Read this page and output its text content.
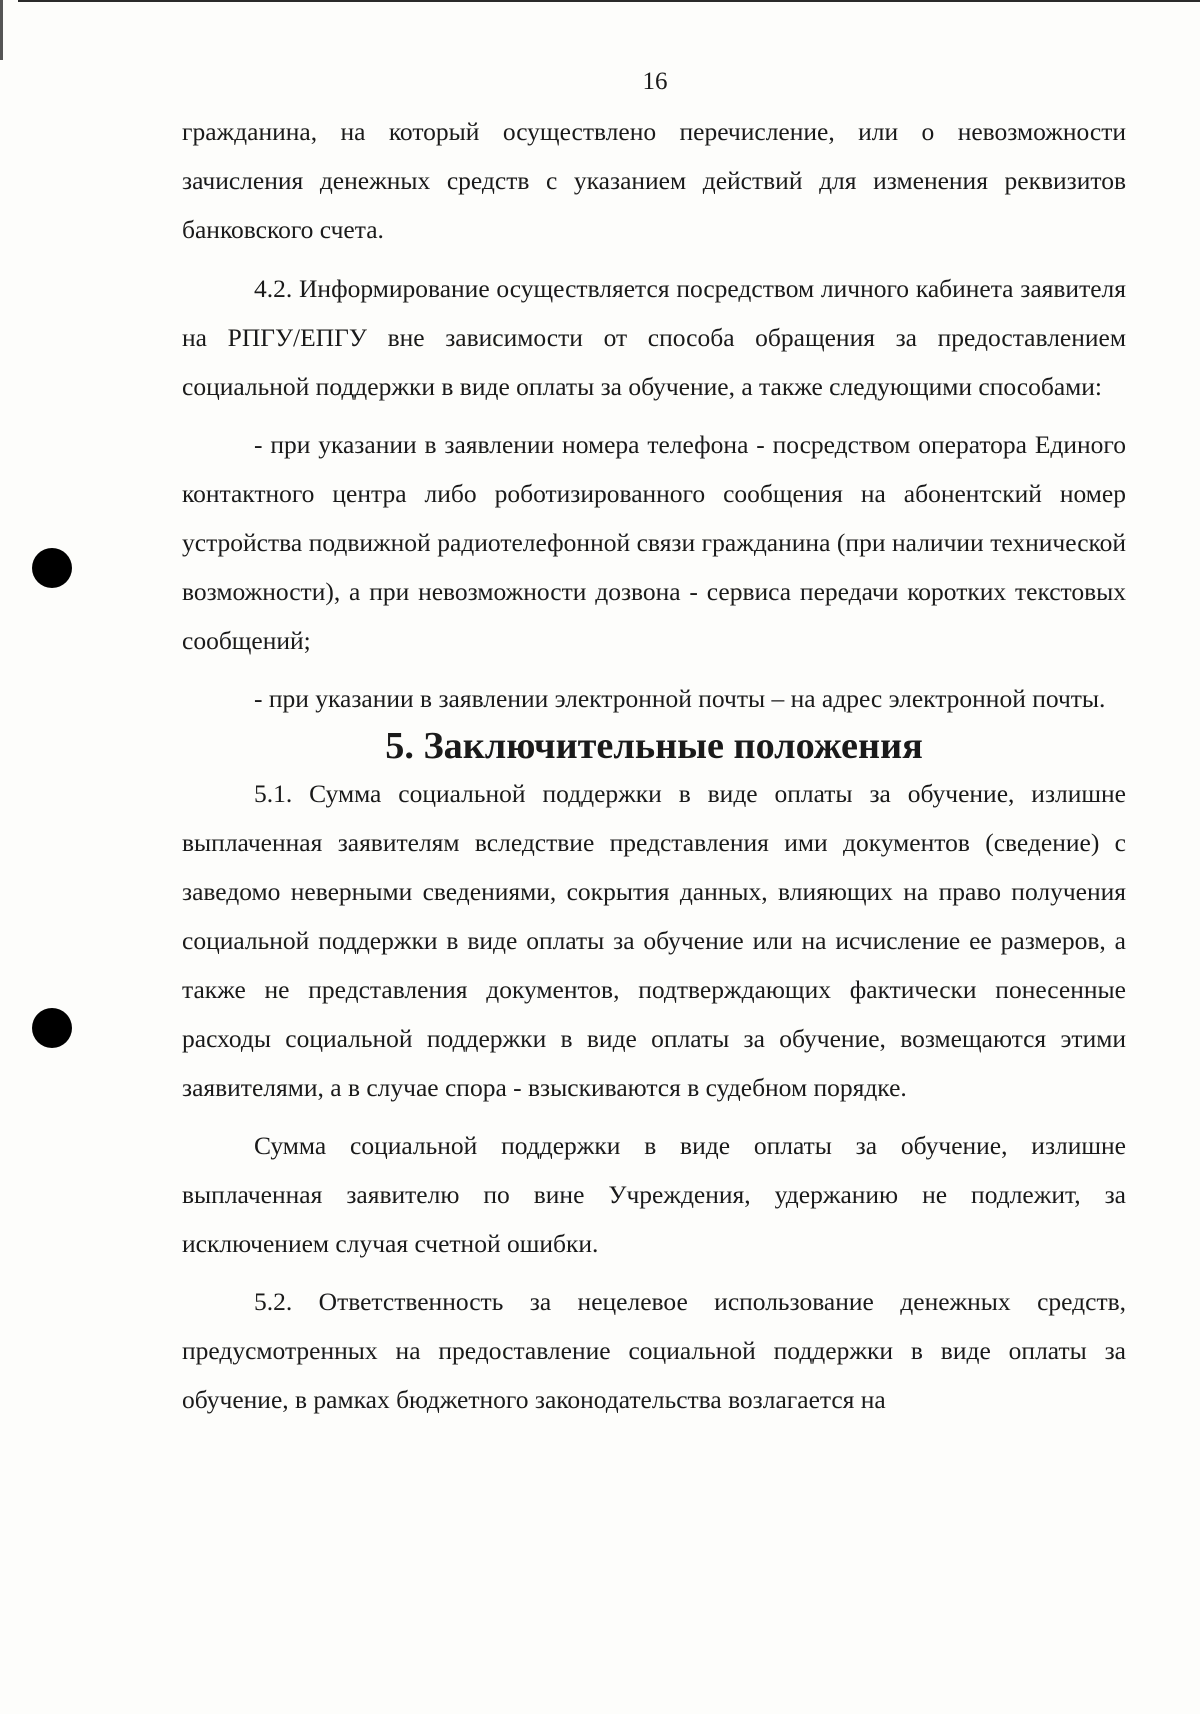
16

гражданина, на который осуществлено перечисление, или о невозможности зачисления денежных средств с указанием действий для изменения реквизитов банковского счета.

4.2. Информирование осуществляется посредством личного кабинета заявителя на РПГУ/ЕПГУ вне зависимости от способа обращения за предоставлением социальной поддержки в виде оплаты за обучение, а также следующими способами:

- при указании в заявлении номера телефона - посредством оператора Единого контактного центра либо роботизированного сообщения на абонентский номер устройства подвижной радиотелефонной связи гражданина (при наличии технической возможности), а при невозможности дозвона - сервиса передачи коротких текстовых сообщений;

- при указании в заявлении электронной почты – на адрес электронной почты.

5. Заключительные положения

5.1. Сумма социальной поддержки в виде оплаты за обучение, излишне выплаченная заявителям вследствие представления ими документов (сведение) с заведомо неверными сведениями, сокрытия данных, влияющих на право получения социальной поддержки в виде оплаты за обучение или на исчисление ее размеров, а также не представления документов, подтверждающих фактически понесенные расходы социальной поддержки в виде оплаты за обучение, возмещаются этими заявителями, а в случае спора - взыскиваются в судебном порядке.

Сумма социальной поддержки в виде оплаты за обучение, излишне выплаченная заявителю по вине Учреждения, удержанию не подлежит, за исключением случая счетной ошибки.

5.2. Ответственность за нецелевое использование денежных средств, предусмотренных на предоставление социальной поддержки в виде оплаты за обучение, в рамках бюджетного законодательства возлагается на
